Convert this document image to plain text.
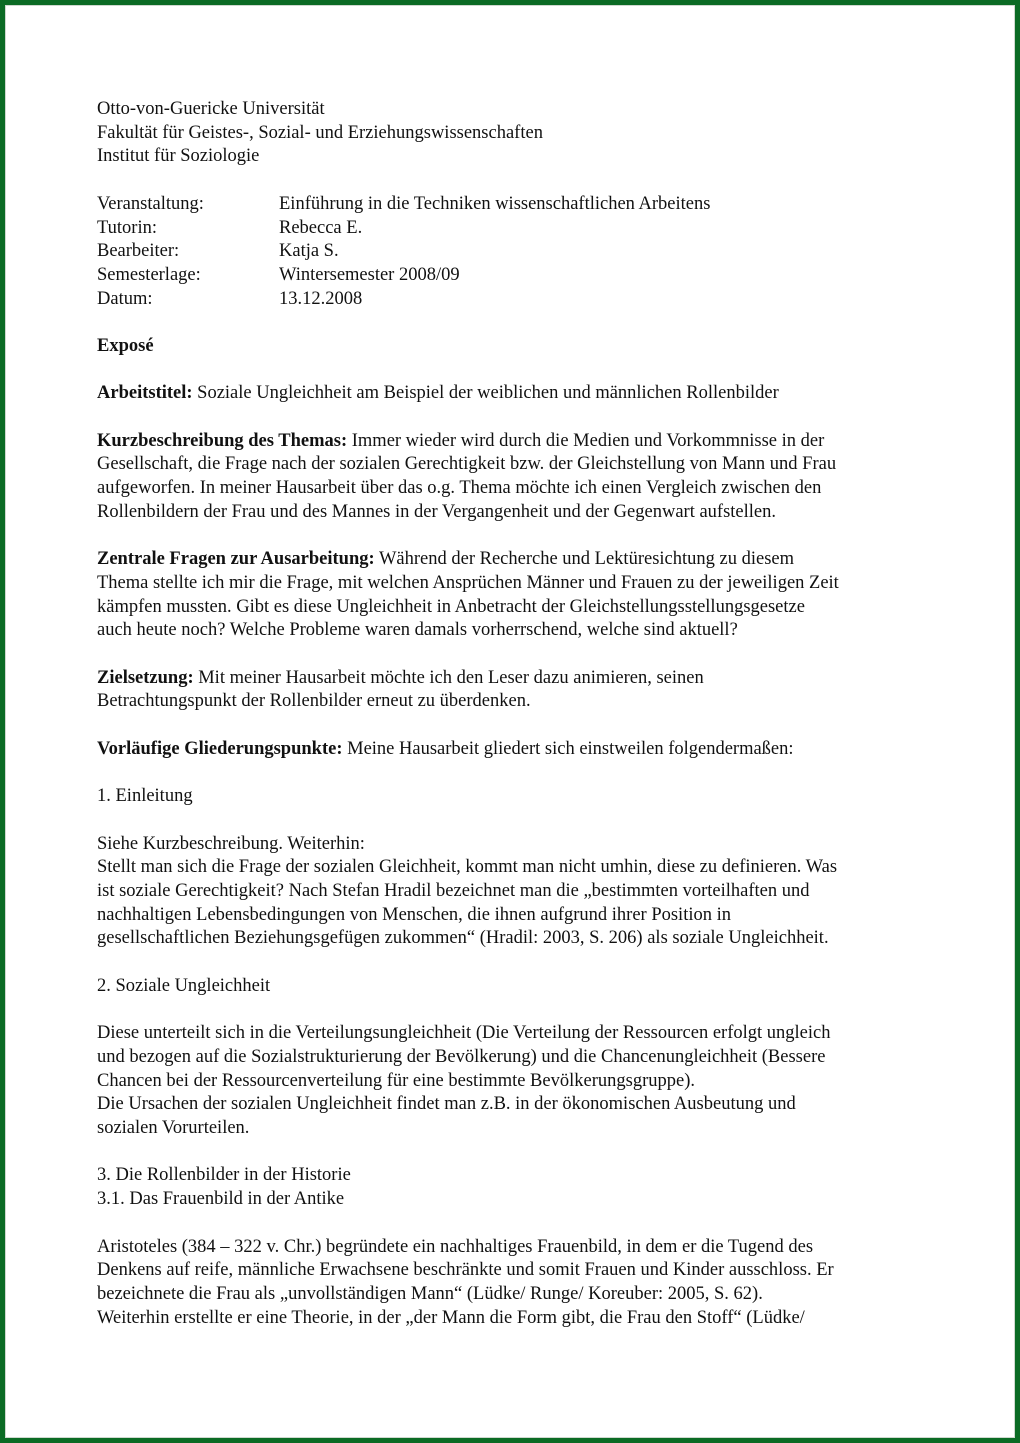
Otto-von-Guericke Universität
Fakultät für Geistes-, Sozial- und Erziehungswissenschaften
Institut für Soziologie
Veranstaltung:	Einführung in die Techniken wissenschaftlichen Arbeitens
Tutorin:	Rebecca E.
Bearbeiter:	Katja S.
Semesterlage:	Wintersemester 2008/09
Datum:	13.12.2008
Exposé
Arbeitstitel: Soziale Ungleichheit am Beispiel der weiblichen und männlichen Rollenbilder
Kurzbeschreibung des Themas: Immer wieder wird durch die Medien und Vorkommnisse in der
Gesellschaft, die Frage nach der sozialen Gerechtigkeit bzw. der Gleichstellung von Mann und Frau
aufgeworfen. In meiner Hausarbeit über das o.g. Thema möchte ich einen Vergleich zwischen den
Rollenbildern der Frau und des Mannes in der Vergangenheit und der Gegenwart aufstellen.
Zentrale Fragen zur Ausarbeitung: Während der Recherche und Lektüresichtung zu diesem
Thema stellte ich mir die Frage, mit welchen Ansprüchen Männer und Frauen zu der jeweiligen Zeit
kämpfen mussten. Gibt es diese Ungleichheit in Anbetracht der Gleichstellungsstellungsgesetze
auch heute noch? Welche Probleme waren damals vorherrschend, welche sind aktuell?
Zielsetzung: Mit meiner Hausarbeit möchte ich den Leser dazu animieren, seinen
Betrachtungspunkt der Rollenbilder erneut zu überdenken.
Vorläufige Gliederungspunkte: Meine Hausarbeit gliedert sich einstweilen folgendermaßen:
1. Einleitung
Siehe Kurzbeschreibung. Weiterhin:
Stellt man sich die Frage der sozialen Gleichheit, kommt man nicht umhin, diese zu definieren. Was
ist soziale Gerechtigkeit? Nach Stefan Hradil bezeichnet man die „bestimmten vorteilhaften und
nachhaltigen Lebensbedingungen von Menschen, die ihnen aufgrund ihrer Position in
gesellschaftlichen Beziehungsgefügen zukommen“ (Hradil: 2003, S. 206) als soziale Ungleichheit.
2. Soziale Ungleichheit
Diese unterteilt sich in die Verteilungsungleichheit (Die Verteilung der Ressourcen erfolgt ungleich
und bezogen auf die Sozialstrukturierung der Bevölkerung) und die Chancenungleichheit (Bessere
Chancen bei der Ressourcenverteilung für eine bestimmte Bevölkerungsgruppe).
Die Ursachen der sozialen Ungleichheit findet man z.B. in der ökonomischen Ausbeutung und
sozialen Vorurteilen.
3. Die Rollenbilder in der Historie
3.1. Das Frauenbild in der Antike
Aristoteles (384 – 322 v. Chr.) begründete ein nachhaltiges Frauenbild, in dem er die Tugend des
Denkens auf reife, männliche Erwachsene beschränkte und somit Frauen und Kinder ausschloss. Er
bezeichnete die Frau als „unvollständigen Mann“ (Lüdke/ Runge/ Koreuber: 2005, S. 62).
Weiterhin erstellte er eine Theorie, in der „der Mann die Form gibt, die Frau den Stoff“ (Lüdke/
